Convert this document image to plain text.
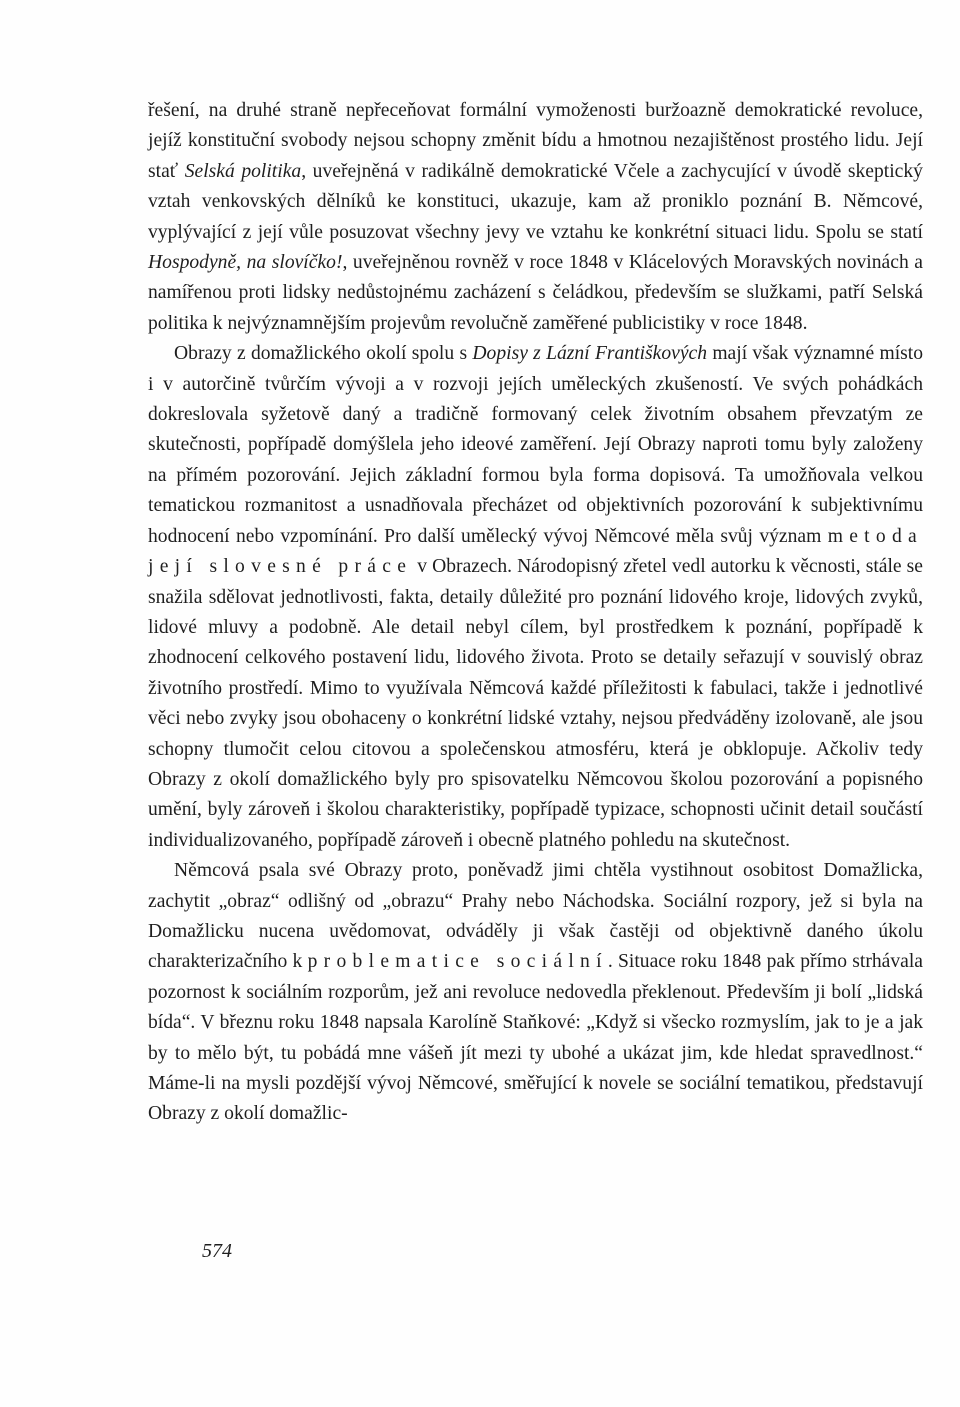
řešení, na druhé straně nepřeceňovat formální vymoženosti buržoazně demokratické revoluce, jejíž konstituční svobody nejsou schopny změnit bídu a hmotnou nezajištěnost prostého lidu. Její stať Selská politika, uveřejněná v radikálně demokratické Včele a zachycující v úvodě skeptický vztah venkovských dělníků ke konstituci, ukazuje, kam až proniklo poznání B. Němcové, vyplývající z její vůle posuzovat všechny jevy ve vztahu ke konkrétní situaci lidu. Spolu se statí Hospodyně, na slovíčko!, uveřejněnou rovněž v roce 1848 v Klácelových Moravských novinách a namířenou proti lidsky nedůstojnému zacházení s čeládkou, především se služkami, patří Selská politika k nejvýznamnějším projevům revolučně zaměřené publicistiky v roce 1848.

Obrazy z domažlického okolí spolu s Dopisy z Lázní Františkových mají však významné místo i v autorčině tvůrčím vývoji a v rozvoji jejích uměleckých zkušeností. Ve svých pohádkách dokreslovala syžetově daný a tradičně formovaný celek životním obsahem převzatým ze skutečnosti, popřípadě domýšlela jeho ideové zaměření. Její Obrazy naproti tomu byly založeny na přímém pozorování. Jejich základní formou byla forma dopisová. Ta umožňovala velkou tematickou rozmanitost a usnadňovala přecházet od objektivních pozorování k subjektivnímu hodnocení nebo vzpomínání. Pro další umělecký vývoj Němcové měla svůj význam metoda její slovesné práce v Obrazech. Národopisný zřetel vedl autorku k věcnosti, stále se snažila sdělovat jednotlivosti, fakta, detaily důležité pro poznání lidového kroje, lidových zvyků, lidové mluvy a podobně. Ale detail nebyl cílem, byl prostředkem k poznání, popřípadě k zhodnocení celkového postavení lidu, lidového života. Proto se detaily seřazují v souvislý obraz životního prostředí. Mimo to využívala Němcová každé příležitosti k fabulaci, takže i jednotlivé věci nebo zvyky jsou obohaceny o konkrétní lidské vztahy, nejsou předváděny izolovaně, ale jsou schopny tlumočit celou citovou a společenskou atmosféru, která je obklopuje. Ačkoliv tedy Obrazy z okolí domažlického byly pro spisovatelku Němcovou školou pozorování a popisného umění, byly zároveň i školou charakteristiky, popřípadě typizace, schopnosti učinit detail součástí individualizovaného, popřípadě zároveň i obecně platného pohledu na skutečnost.

Němcová psala své Obrazy proto, poněvadž jimi chtěla vystihnout osobitost Domažlicka, zachytit „obraz“ odlišný od „obrazu“ Prahy nebo Náchodska. Sociální rozpory, jež si byla na Domažlicku nucena uvědomovat, odváděly ji však častěji od objektivně daného úkolu charakterizačního k problematice sociální. Situace roku 1848 pak přímo strhávala pozornost k sociálním rozporům, jež ani revoluce nedovedla překlenout. Především ji bolí „lidská bída“. V březnu roku 1848 napsala Karolíně Staňkové: „Když si všecko rozmyslím, jak to je a jak by to mělo být, tu pobádá mne vášeň jít mezi ty ubohé a ukázat jim, kde hledat spravedlnost.“ Máme-li na mysli pozdější vývoj Němcové, směřující k novele se sociální tematikou, představují Obrazy z okolí domažlic-

574
